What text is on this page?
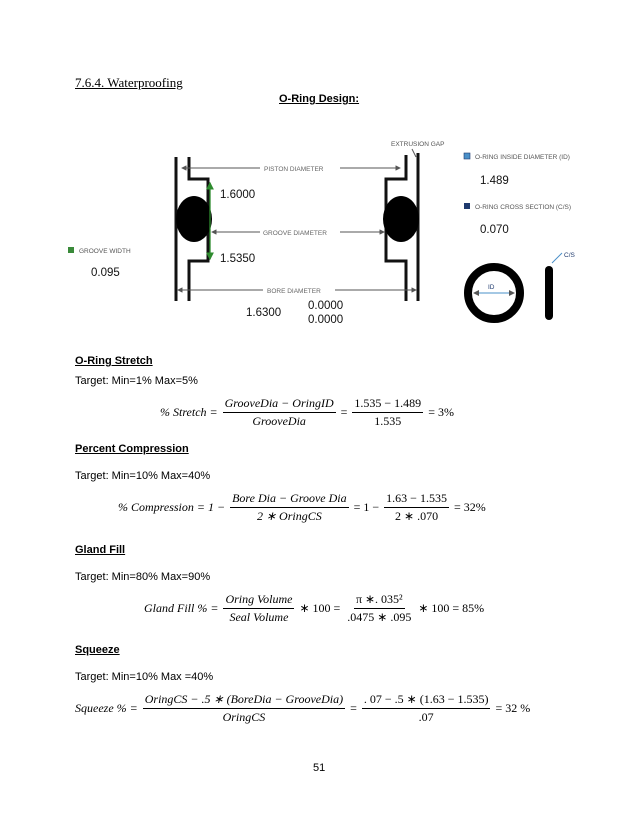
7.6.4. Waterproofing
O-Ring Design:
EXTRUSION GAP
PISTON DIAMETER
1.6000
GROOVE DIAMETER
1.5350
BORE DIAMETER
1.6300
0.0000
0.0000
GROOVE WIDTH
0.095
O-RING INSIDE DIAMETER (ID)
1.489
O-RING CROSS SECTION (C/S)
0.070
ID
C/S
O-Ring Stretch
Target: Min=1% Max=5%
% Stretch = $\frac{\text{GrooveDia − OringID}}{\text{GrooveDia}} = \frac{1.535 - 1.489}{1.535} = 3\%$
Percent Compression
Target: Min=10% Max=40%
% Compression = $1 - \frac{\text{Bore Dia − Groove Dia}}{\text{2 ∗ OringCS}} = 1 - \frac{1.63 - 1.535}{2 ∗ .070} = 32\%$
Gland Fill
Target: Min=80% Max=90%
Gland Fill % = $\frac{\text{Oring Volume}}{\text{Seal Volume}}$ ∗ $100 = \frac{\text{π ∗. 035²}}{.0475 ∗ .095}$ ∗ 100 = 85%
Squeeze
Target: Min=10% Max =40%
Squeeze % = $\frac{\text{OringCS − .5 ∗ (BoreDia − GrooveDia)}}{\text{OringCS}} = \frac{. 07 - .5 ∗ (1.63 - 1.535)}{.07} = 32$ %
51
